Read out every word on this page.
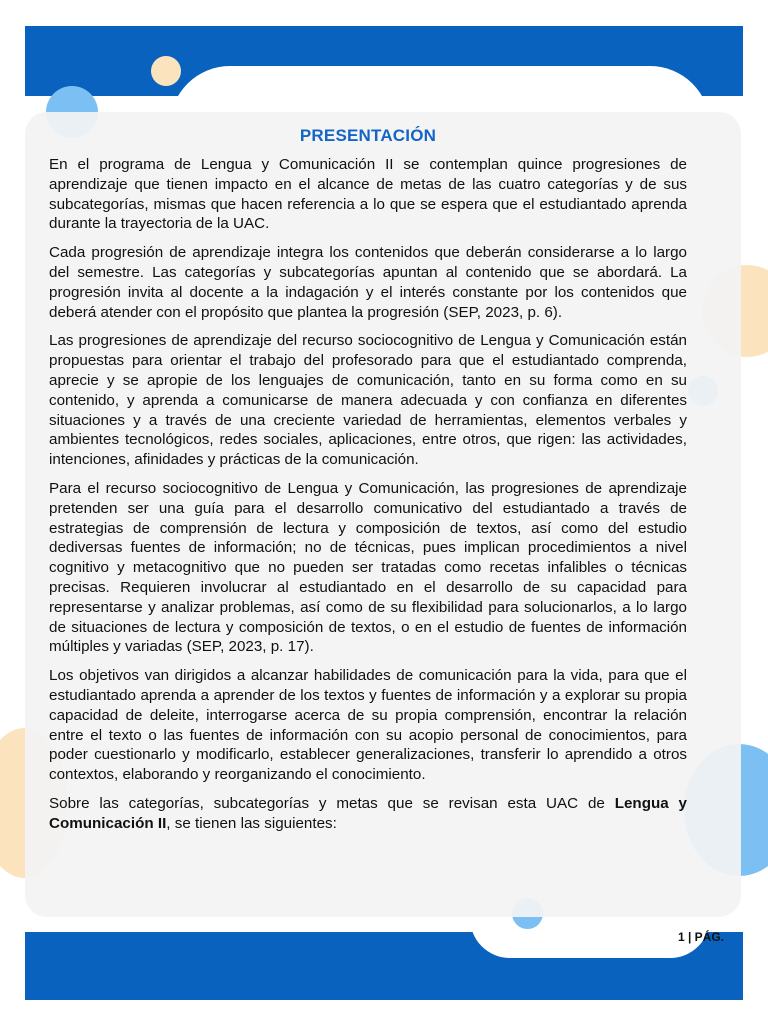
PRESENTACIÓN

En el programa de Lengua y Comunicación II se contemplan quince progresiones de aprendizaje que tienen impacto en el alcance de metas de las cuatro categorías y de sus subcategorías, mismas que hacen referencia a lo que se espera que el estudiantado aprenda durante la trayectoria de la UAC.

Cada progresión de aprendizaje integra los contenidos que deberán considerarse a lo largo del semestre. Las categorías y subcategorías apuntan al contenido que se abordará. La progresión invita al docente a la indagación y el interés constante por los contenidos que deberá atender con el propósito que plantea la progresión (SEP, 2023, p. 6).

Las progresiones de aprendizaje del recurso sociocognitivo de Lengua y Comunicación están propuestas para orientar el trabajo del profesorado para que el estudiantado comprenda, aprecie y se apropie de los lenguajes de comunicación, tanto en su forma como en su contenido, y aprenda a comunicarse de manera adecuada y con confianza en diferentes situaciones y a través de una creciente variedad de herramientas, elementos verbales y ambientes tecnológicos, redes sociales, aplicaciones, entre otros, que rigen: las actividades, intenciones, afinidades y prácticas de la comunicación.

Para el recurso sociocognitivo de Lengua y Comunicación, las progresiones de aprendizaje pretenden ser una guía para el desarrollo comunicativo del estudiantado a través de estrategias de comprensión de lectura y composición de textos, así como del estudio dediversas fuentes de información; no de técnicas, pues implican procedimientos a nivel cognitivo y metacognitivo que no pueden ser tratadas como recetas infalibles o técnicas precisas. Requieren involucrar al estudiantado en el desarrollo de su capacidad para representarse y analizar problemas, así como de su flexibilidad para solucionarlos, a lo largo de situaciones de lectura y composición de textos, o en el estudio de fuentes de información múltiples y variadas (SEP, 2023, p. 17).

Los objetivos van dirigidos a alcanzar habilidades de comunicación para la vida, para que el estudiantado aprenda a aprender de los textos y fuentes de información y a explorar su propia capacidad de deleite, interrogarse acerca de su propia comprensión, encontrar la relación entre el texto o las fuentes de información con su acopio personal de conocimientos, para poder cuestionarlo y modificarlo, establecer generalizaciones, transferir lo aprendido a otros contextos, elaborando y reorganizando el conocimiento.

Sobre las categorías, subcategorías y metas que se revisan esta UAC de Lengua y Comunicación II, se tienen las siguientes:

1 | PÁG.
